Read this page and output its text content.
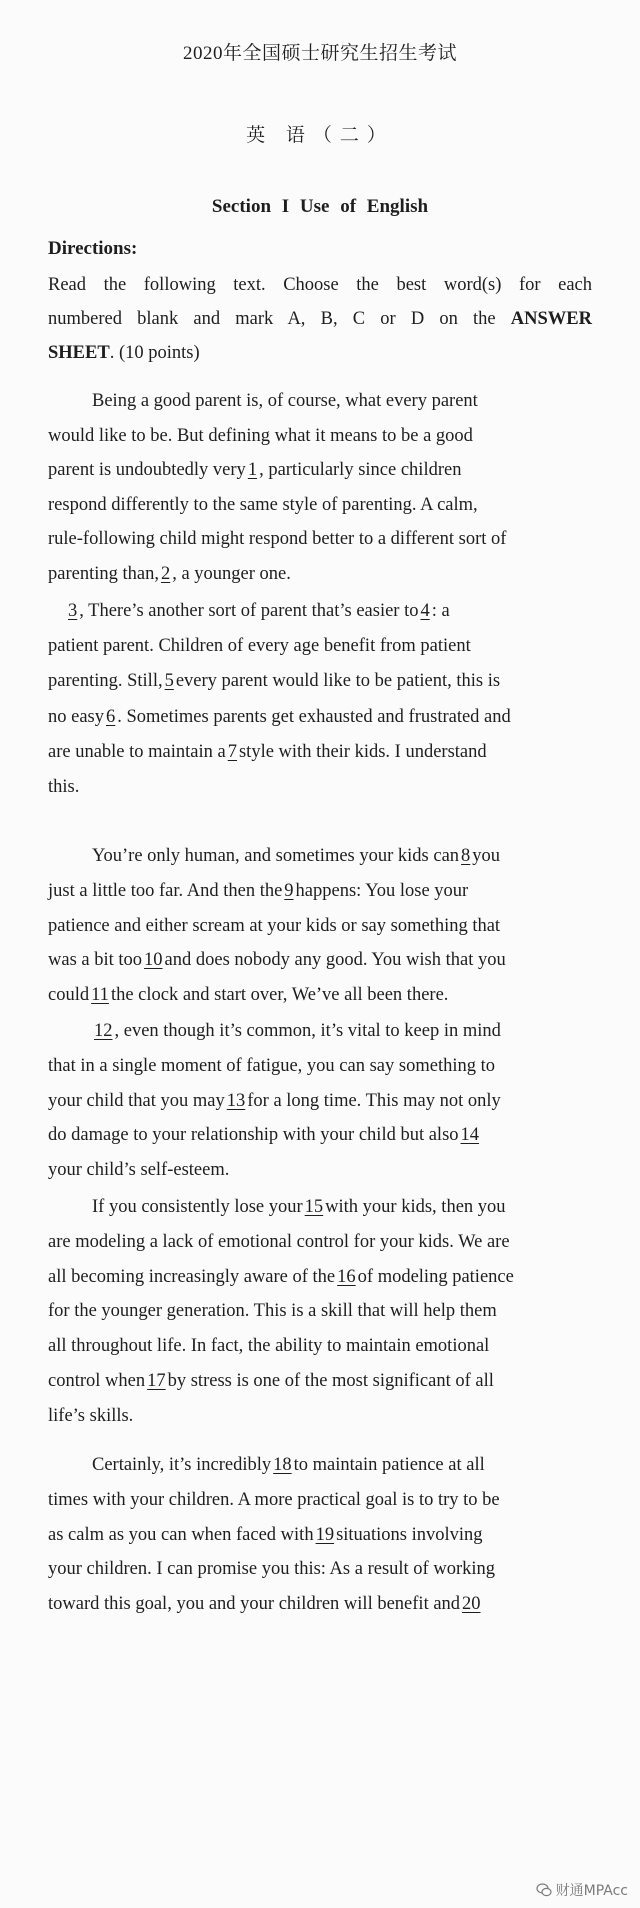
2020年全国硕士研究生招生考试
英 语（二）
Section I Use of English
Directions:
Read the following text. Choose the best word(s) for each
numbered blank and mark A, B, C or D on the ANSWER
SHEET. (10 points)
Being a good parent is, of course, what every parent
would like to be. But defining what it means to be a good
parent is undoubtedly very 1 , particularly since children
respond differently to the same style of parenting. A calm,
rule-following child might respond better to a different sort of
parenting than, 2 , a younger one.
3 , There’s another sort of parent that’s easier to 4 : a
patient parent. Children of every age benefit from patient
parenting. Still, 5 every parent would like to be patient, this is
no easy 6 . Sometimes parents get exhausted and frustrated and
are unable to maintain a 7 style with their kids. I understand
this.
You’re only human, and sometimes your kids can 8 you
just a little too far. And then the 9 happens: You lose your
patience and either scream at your kids or say something that
was a bit too 10 and does nobody any good. You wish that you
could 11 the clock and start over, We’ve all been there.
12 , even though it’s common, it’s vital to keep in mind
that in a single moment of fatigue, you can say something to
your child that you may 13 for a long time. This may not only
do damage to your relationship with your child but also 14
your child’s self-esteem.
If you consistently lose your 15 with your kids, then you
are modeling a lack of emotional control for your kids. We are
all becoming increasingly aware of the 16 of modeling patience
for the younger generation. This is a skill that will help them
all throughout life. In fact, the ability to maintain emotional
control when 17 by stress is one of the most significant of all
life’s skills.
Certainly, it’s incredibly 18 to maintain patience at all
times with your children. A more practical goal is to try to be
as calm as you can when faced with 19 situations involving
your children. I can promise you this: As a result of working
toward this goal, you and your children will benefit and 20
财通MPAcc
